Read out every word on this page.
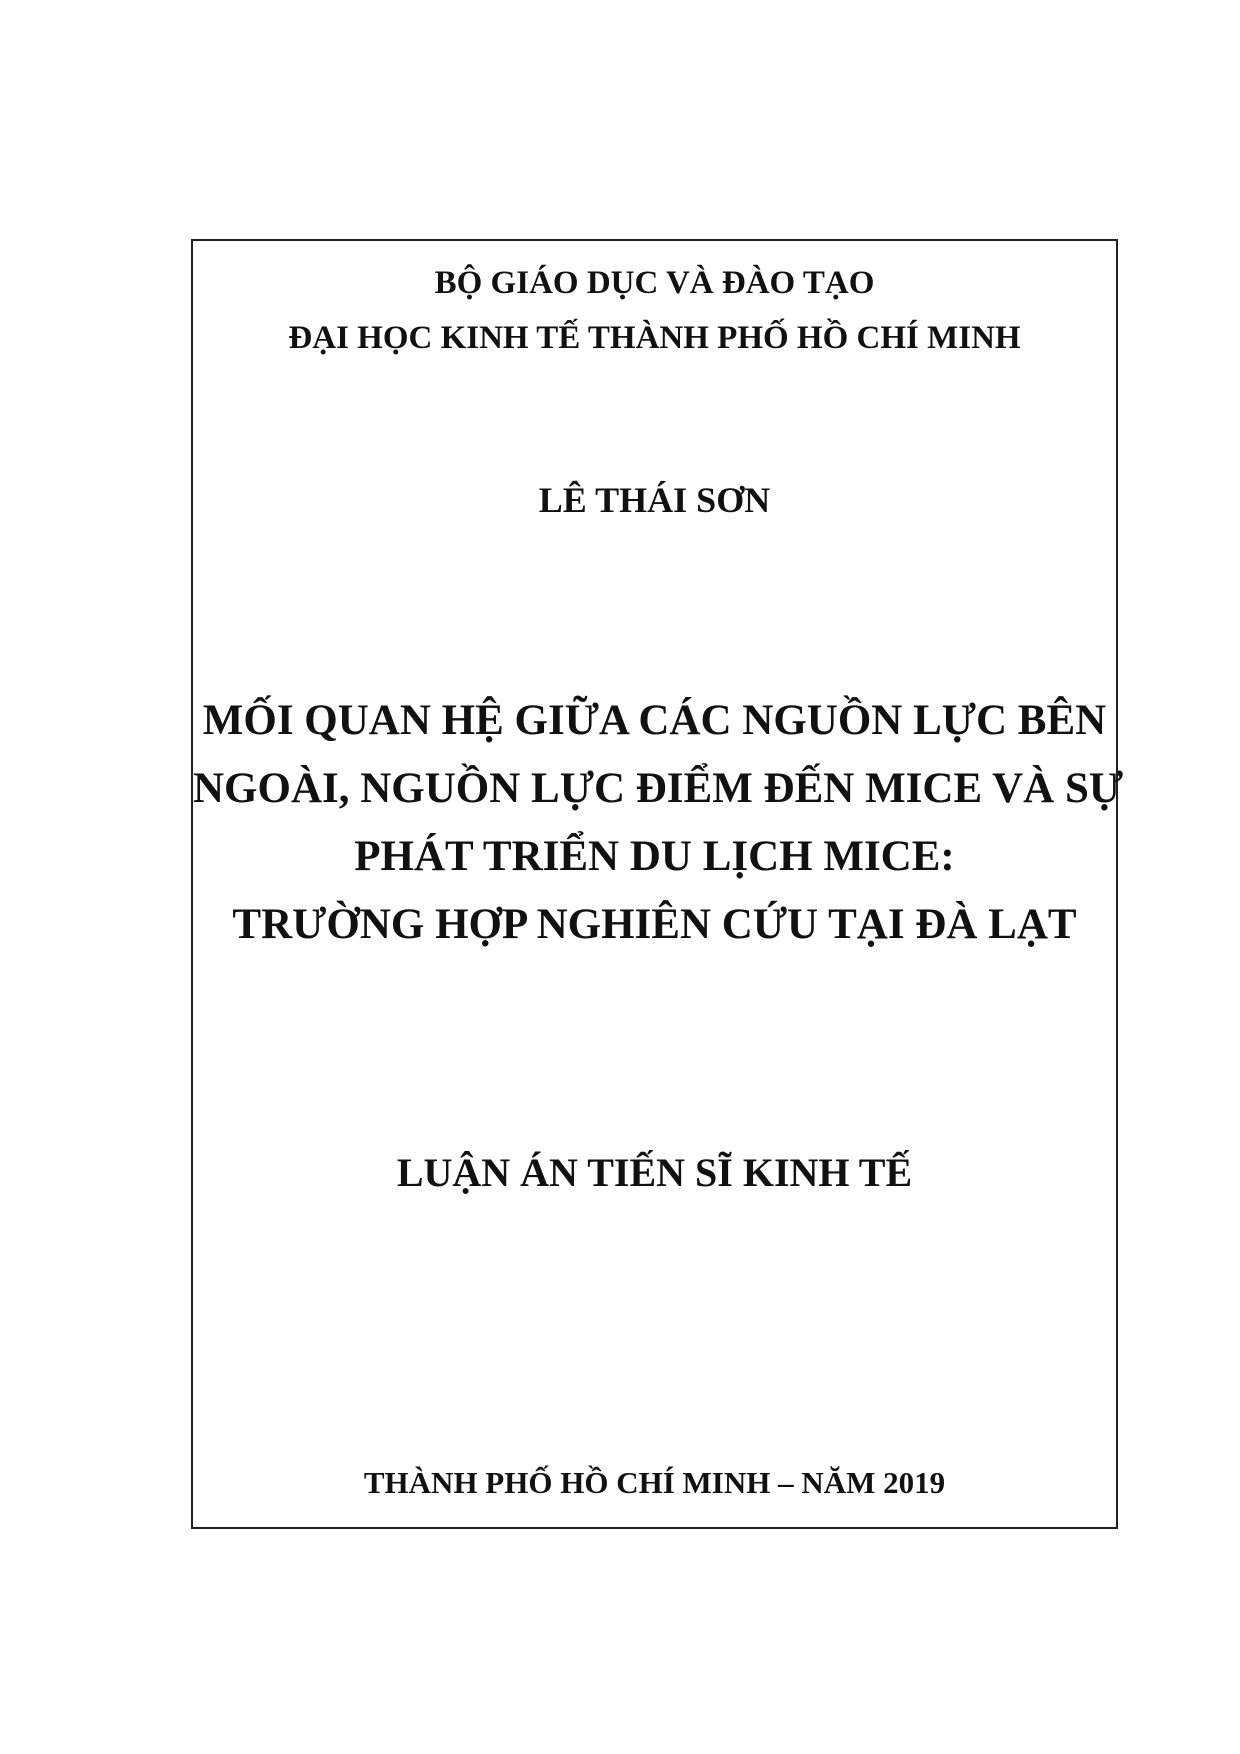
BỘ GIÁO DỤC VÀ ĐÀO TẠO
ĐẠI HỌC KINH TẾ THÀNH PHỐ HỒ CHÍ MINH
LÊ THÁI SƠN
MỐI QUAN HỆ GIỮA CÁC NGUỒN LỰC BÊN
NGOÀI, NGUỒN LỰC ĐIỂM ĐẾN MICE VÀ SỰ
PHÁT TRIỂN DU LỊCH MICE:
TRƯỜNG HỢP NGHIÊN CỨU TẠI ĐÀ LẠT
LUẬN ÁN TIẾN SĨ KINH TẾ
THÀNH PHỐ HỒ CHÍ MINH – NĂM 2019
